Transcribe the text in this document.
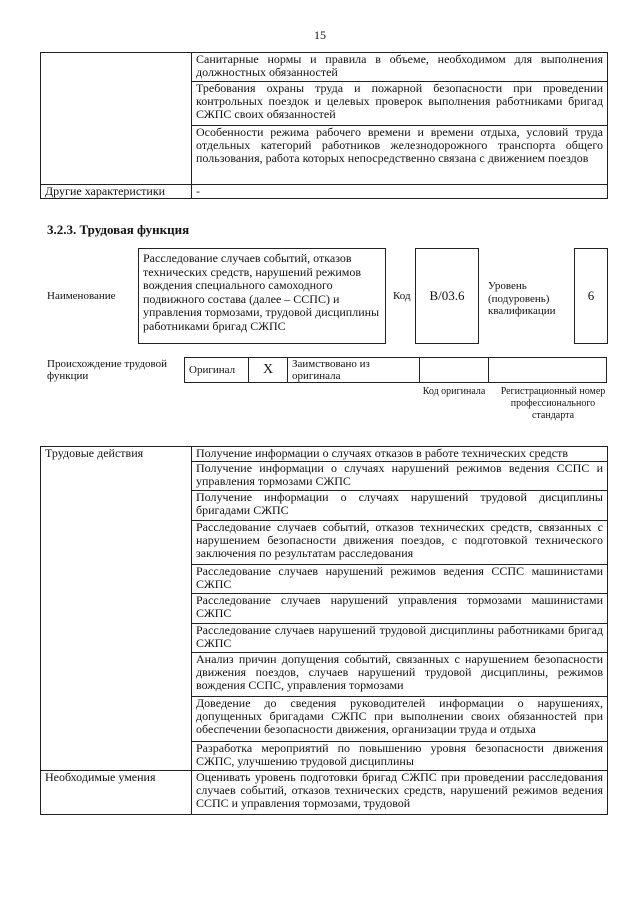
15
	Санитарные нормы и правила в объеме, необходимом для выполнения должностных обязанностей
	Требования охраны труда и пожарной безопасности при проведении контрольных поездок и целевых проверок выполнения работниками бригад СЖПС своих обязанностей
	Особенности режима рабочего времени и времени отдыха, условий труда отдельных категорий работников железнодорожного транспорта общего пользования, работа которых непосредственно связана с движением поездов
Другие характеристики	-
3.2.3. Трудовая функция
Наименование
Расследование случаев событий, отказов технических средств, нарушений режимов вождения специального самоходного подвижного состава (далее – ССПС) и управления тормозами, трудовой дисциплины работниками бригад СЖПС
Код В/03.6
Уровень (подуровень) квалификации
6
Происхождение трудовой функции	Оригинал	X	Заимствовано из оригинала		
Код оригинала Регистрационный номер профессионального стандарта
Трудовые действия	Получение информации о случаях отказов в работе технических средств
	Получение информации о случаях нарушений режимов ведения ССПС и управления тормозами СЖПС
	Получение информации о случаях нарушений трудовой дисциплины бригадами СЖПС
	Расследование случаев событий, отказов технических средств, связанных с нарушением безопасности движения поездов, с подготовкой технического заключения по результатам расследования
	Расследование случаев нарушений режимов ведения ССПС машинистами СЖПС
	Расследование случаев нарушений управления тормозами машинистами СЖПС
	Расследование случаев нарушений трудовой дисциплины работниками бригад СЖПС
	Анализ причин допущения событий, связанных с нарушением безопасности движения поездов, случаев нарушений трудовой дисциплины, режимов вождения ССПС, управления тормозами
	Доведение до сведения руководителей информации о нарушениях, допущенных бригадами СЖПС при выполнении своих обязанностей при обеспечении безопасности движения, организации труда и отдыха
	Разработка мероприятий по повышению уровня безопасности движения СЖПС, улучшению трудовой дисциплины
Необходимые умения	Оценивать уровень подготовки бригад СЖПС при проведении расследования случаев событий, отказов технических средств, нарушений режимов ведения ССПС и управления тормозами, трудовой
